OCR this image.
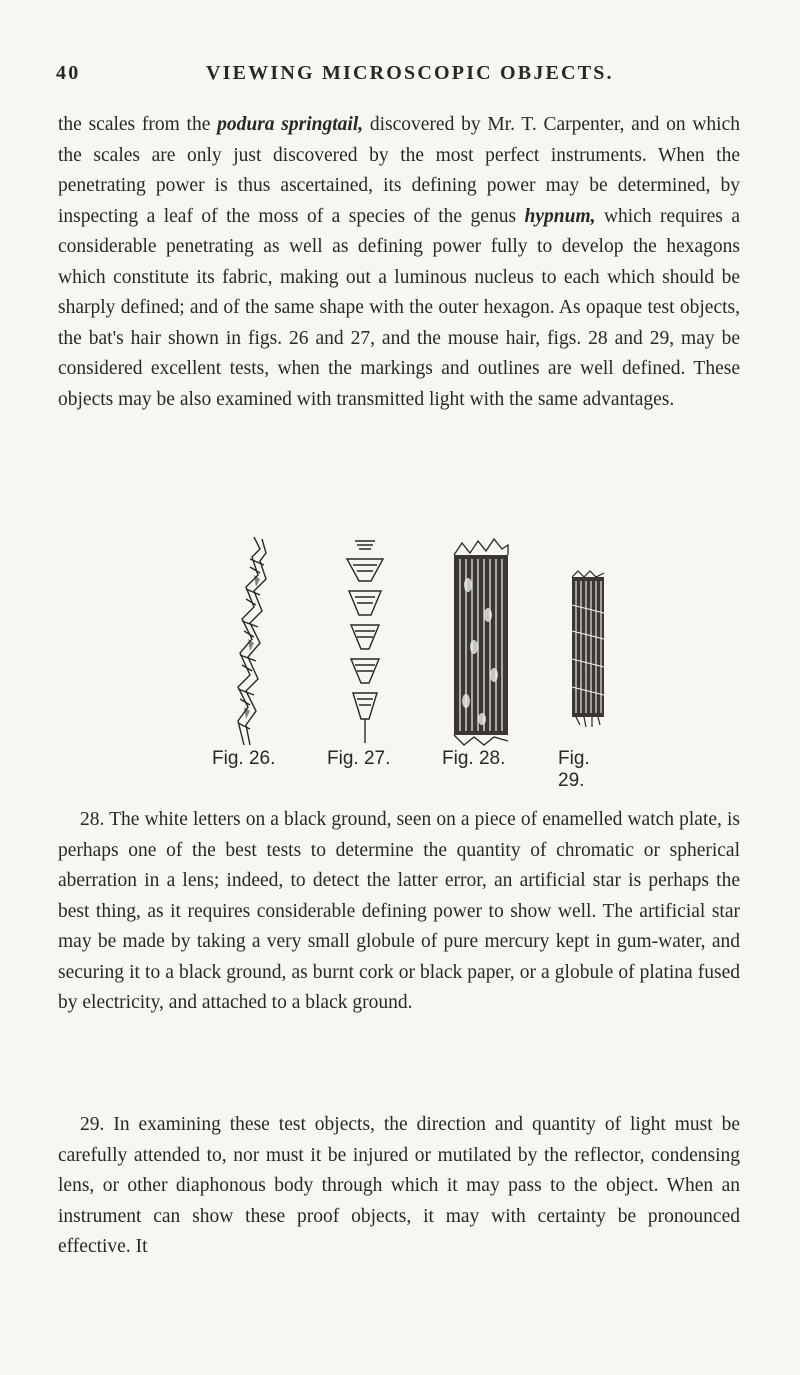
40	VIEWING MICROSCOPIC OBJECTS.

the scales from the podura springtail, discovered by Mr. T. Carpenter, and on which the scales are only just discovered by the most perfect instruments. When the penetrating power is thus ascertained, its defining power may be determined, by inspecting a leaf of the moss of a species of the genus hypnum, which requires a considerable penetrating as well as defining power fully to develop the hexagons which constitute its fabric, making out a luminous nucleus to each which should be sharply defined; and of the same shape with the outer hexagon. As opaque test objects, the bat's hair shown in figs. 26 and 27, and the mouse hair, figs. 28 and 29, may be considered excellent tests, when the markings and outlines are well defined. These objects may be also examined with transmitted light with the same advantages.

Fig. 26.	Fig. 27.	Fig. 28.	Fig. 29.

28. The white letters on a black ground, seen on a piece of enamelled watch plate, is perhaps one of the best tests to determine the quantity of chromatic or spherical aberration in a lens; indeed, to detect the latter error, an artificial star is perhaps the best thing, as it requires considerable defining power to show well. The artificial star may be made by taking a very small globule of pure mercury kept in gum-water, and securing it to a black ground, as burnt cork or black paper, or a globule of platina fused by electricity, and attached to a black ground.

29. In examining these test objects, the direction and quantity of light must be carefully attended to, nor must it be injured or mutilated by the reflector, condensing lens, or other diaphonous body through which it may pass to the object. When an instrument can show these proof objects, it may with certainty be pronounced effective. It
